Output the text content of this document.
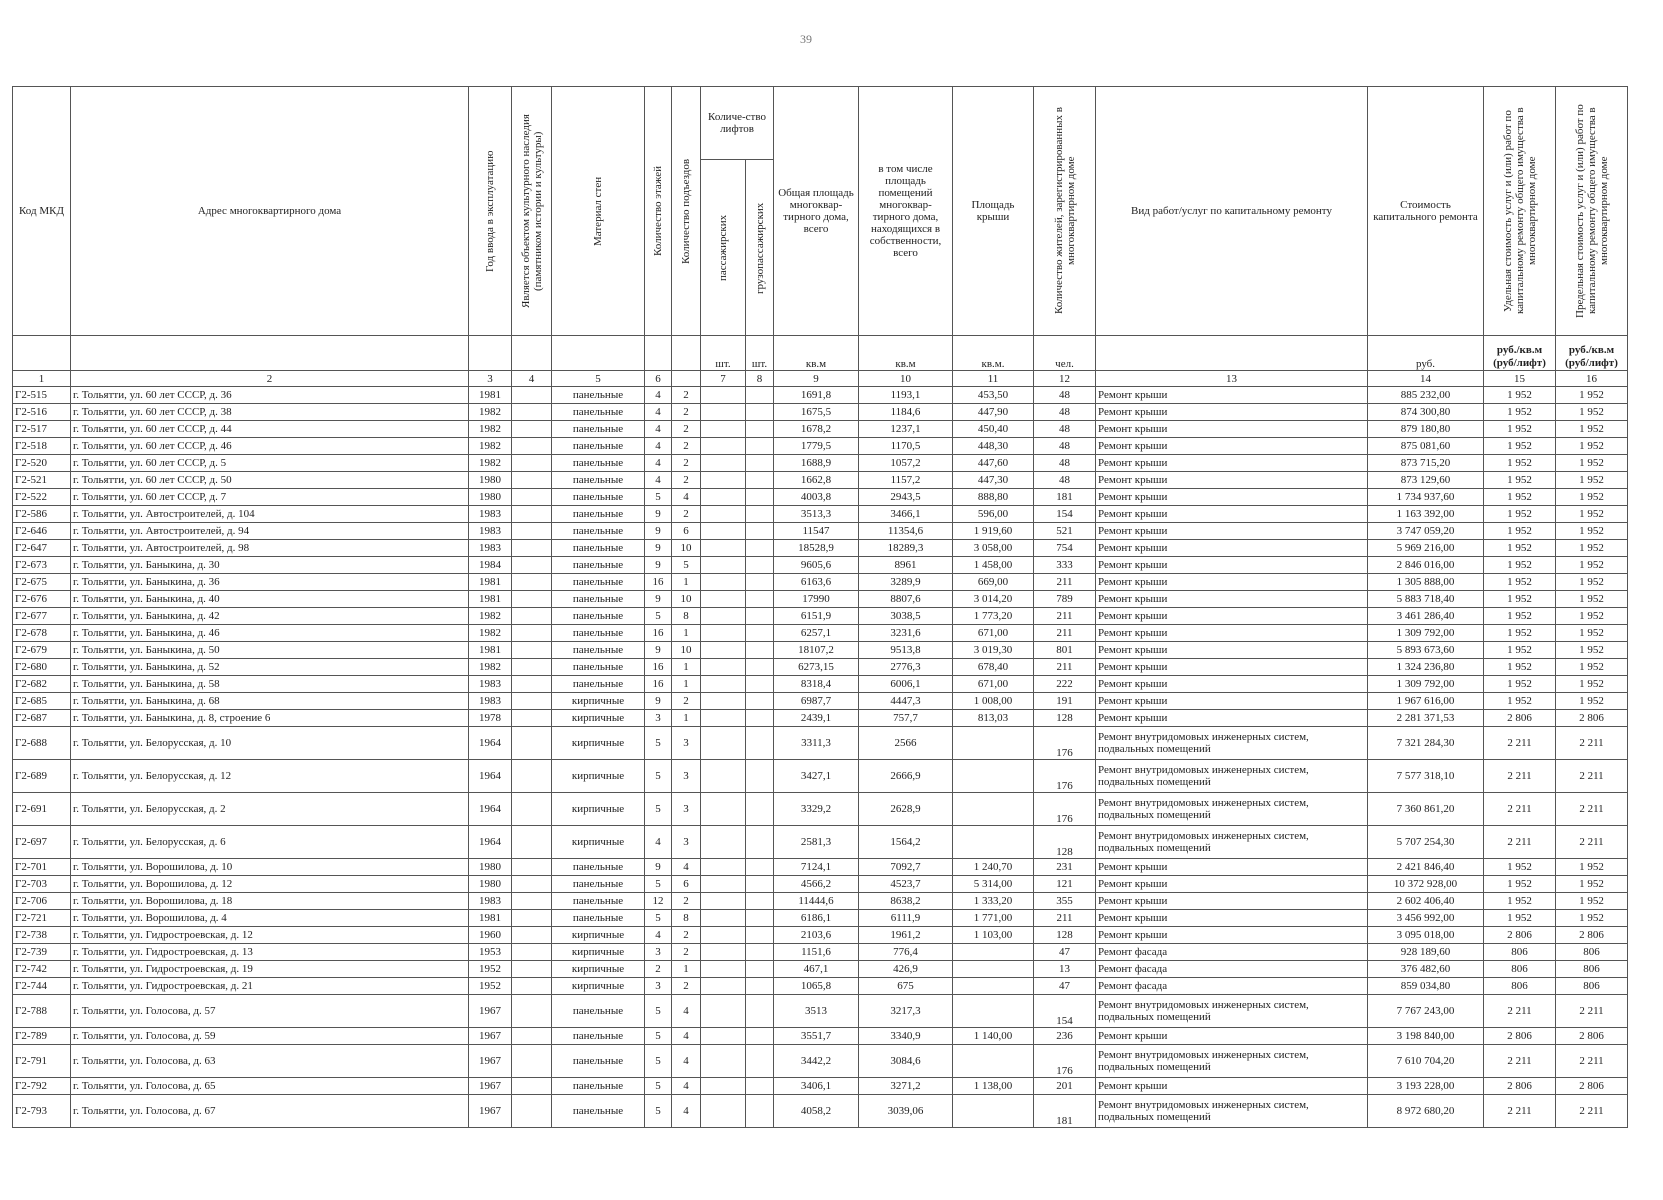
39
Код МКД	Адрес многоквартирного дома	Год ввода в эксплуатацию	Является объектом культурного наследия (памятником истории и культуры)	Материал стен	Количество этажей	Количество подъездов	Количе-ство лифтов		Общая площадь многоквар-тирного дома, всего	в том числе площадь помещений многоквар-тирного дома, находящихся в собственности, всего	Площадь крыши	Количество жителей, зарегистрированных в многоквартирном доме	Вид работ/услуг по капитальному ремонту	Стоимость капитального ремонта	Удельная стоимость услуг и (или) работ по капитальному ремонту общего имущества в многоквартирном доме	Предельная стоимость услуг и (или) работ по капитальному ремонту общего имущества в многоквартирном доме

							пассажирских	грузопассажирских								

							шт.	шт.	кв.м	кв.м	кв.м.	чел.		руб.	руб./кв.м (руб/лифт)	руб./кв.м (руб/лифт)
1	2	3	4	5	6		7	8	9	10	11	12	13	14	15	16
Г2-515	г. Тольятти, ул. 60 лет СССР, д. 36	1981		панельные	4	2			1691,8	1193,1	453,50	48	Ремонт крыши	885 232,00	1 952	1 952
Г2-516	г. Тольятти, ул. 60 лет СССР, д. 38	1982		панельные	4	2			1675,5	1184,6	447,90	48	Ремонт крыши	874 300,80	1 952	1 952
Г2-517	г. Тольятти, ул. 60 лет СССР, д. 44	1982		панельные	4	2			1678,2	1237,1	450,40	48	Ремонт крыши	879 180,80	1 952	1 952
Г2-518	г. Тольятти, ул. 60 лет СССР, д. 46	1982		панельные	4	2			1779,5	1170,5	448,30	48	Ремонт крыши	875 081,60	1 952	1 952
Г2-520	г. Тольятти, ул. 60 лет СССР, д. 5	1982		панельные	4	2			1688,9	1057,2	447,60	48	Ремонт крыши	873 715,20	1 952	1 952
Г2-521	г. Тольятти, ул. 60 лет СССР, д. 50	1980		панельные	4	2			1662,8	1157,2	447,30	48	Ремонт крыши	873 129,60	1 952	1 952
Г2-522	г. Тольятти, ул. 60 лет СССР, д. 7	1980		панельные	5	4			4003,8	2943,5	888,80	181	Ремонт крыши	1 734 937,60	1 952	1 952
Г2-586	г. Тольятти, ул. Автостроителей, д. 104	1983		панельные	9	2			3513,3	3466,1	596,00	154	Ремонт крыши	1 163 392,00	1 952	1 952
Г2-646	г. Тольятти, ул. Автостроителей, д. 94	1983		панельные	9	6			11547	11354,6	1 919,60	521	Ремонт крыши	3 747 059,20	1 952	1 952
Г2-647	г. Тольятти, ул. Автостроителей, д. 98	1983		панельные	9	10			18528,9	18289,3	3 058,00	754	Ремонт крыши	5 969 216,00	1 952	1 952
Г2-673	г. Тольятти, ул. Баныкина, д. 30	1984		панельные	9	5			9605,6	8961	1 458,00	333	Ремонт крыши	2 846 016,00	1 952	1 952
Г2-675	г. Тольятти, ул. Баныкина, д. 36	1981		панельные	16	1			6163,6	3289,9	669,00	211	Ремонт крыши	1 305 888,00	1 952	1 952
Г2-676	г. Тольятти, ул. Баныкина, д. 40	1981		панельные	9	10			17990	8807,6	3 014,20	789	Ремонт крыши	5 883 718,40	1 952	1 952
Г2-677	г. Тольятти, ул. Баныкина, д. 42	1982		панельные	5	8			6151,9	3038,5	1 773,20	211	Ремонт крыши	3 461 286,40	1 952	1 952
Г2-678	г. Тольятти, ул. Баныкина, д. 46	1982		панельные	16	1			6257,1	3231,6	671,00	211	Ремонт крыши	1 309 792,00	1 952	1 952
Г2-679	г. Тольятти, ул. Баныкина, д. 50	1981		панельные	9	10			18107,2	9513,8	3 019,30	801	Ремонт крыши	5 893 673,60	1 952	1 952
Г2-680	г. Тольятти, ул. Баныкина, д. 52	1982		панельные	16	1			6273,15	2776,3	678,40	211	Ремонт крыши	1 324 236,80	1 952	1 952
Г2-682	г. Тольятти, ул. Баныкина, д. 58	1983		панельные	16	1			8318,4	6006,1	671,00	222	Ремонт крыши	1 309 792,00	1 952	1 952
Г2-685	г. Тольятти, ул. Баныкина, д. 68	1983		кирпичные	9	2			6987,7	4447,3	1 008,00	191	Ремонт крыши	1 967 616,00	1 952	1 952
Г2-687	г. Тольятти, ул. Баныкина, д. 8, строение 6	1978		кирпичные	3	1			2439,1	757,7	813,03	128	Ремонт крыши	2 281 371,53	2 806	2 806
Г2-688	г. Тольятти, ул. Белорусская, д. 10	1964		кирпичные	5	3			3311,3	2566		176	Ремонт внутридомовых инженерных систем, подвальных помещений	7 321 284,30	2 211	2 211
Г2-689	г. Тольятти, ул. Белорусская, д. 12	1964		кирпичные	5	3			3427,1	2666,9		176	Ремонт внутридомовых инженерных систем, подвальных помещений	7 577 318,10	2 211	2 211
Г2-691	г. Тольятти, ул. Белорусская, д. 2	1964		кирпичные	5	3			3329,2	2628,9		176	Ремонт внутридомовых инженерных систем, подвальных помещений	7 360 861,20	2 211	2 211
Г2-697	г. Тольятти, ул. Белорусская, д. 6	1964		кирпичные	4	3			2581,3	1564,2		128	Ремонт внутридомовых инженерных систем, подвальных помещений	5 707 254,30	2 211	2 211
Г2-701	г. Тольятти, ул. Ворошилова, д. 10	1980		панельные	9	4			7124,1	7092,7	1 240,70	231	Ремонт крыши	2 421 846,40	1 952	1 952
Г2-703	г. Тольятти, ул. Ворошилова, д. 12	1980		панельные	5	6			4566,2	4523,7	5 314,00	121	Ремонт крыши	10 372 928,00	1 952	1 952
Г2-706	г. Тольятти, ул. Ворошилова, д. 18	1983		панельные	12	2			11444,6	8638,2	1 333,20	355	Ремонт крыши	2 602 406,40	1 952	1 952
Г2-721	г. Тольятти, ул. Ворошилова, д. 4	1981		панельные	5	8			6186,1	6111,9	1 771,00	211	Ремонт крыши	3 456 992,00	1 952	1 952
Г2-738	г. Тольятти, ул. Гидростроевская, д. 12	1960		кирпичные	4	2			2103,6	1961,2	1 103,00	128	Ремонт крыши	3 095 018,00	2 806	2 806
Г2-739	г. Тольятти, ул. Гидростроевская, д. 13	1953		кирпичные	3	2			1151,6	776,4		47	Ремонт фасада	928 189,60	806	806
Г2-742	г. Тольятти, ул. Гидростроевская, д. 19	1952		кирпичные	2	1			467,1	426,9		13	Ремонт фасада	376 482,60	806	806
Г2-744	г. Тольятти, ул. Гидростроевская, д. 21	1952		кирпичные	3	2			1065,8	675		47	Ремонт фасада	859 034,80	806	806
Г2-788	г. Тольятти, ул. Голосова, д. 57	1967		панельные	5	4			3513	3217,3		154	Ремонт внутридомовых инженерных систем, подвальных помещений	7 767 243,00	2 211	2 211
Г2-789	г. Тольятти, ул. Голосова, д. 59	1967		панельные	5	4			3551,7	3340,9	1 140,00	236	Ремонт крыши	3 198 840,00	2 806	2 806
Г2-791	г. Тольятти, ул. Голосова, д. 63	1967		панельные	5	4			3442,2	3084,6		176	Ремонт внутридомовых инженерных систем, подвальных помещений	7 610 704,20	2 211	2 211
Г2-792	г. Тольятти, ул. Голосова, д. 65	1967		панельные	5	4			3406,1	3271,2	1 138,00	201	Ремонт крыши	3 193 228,00	2 806	2 806
Г2-793	г. Тольятти, ул. Голосова, д. 67	1967		панельные	5	4			4058,2	3039,06		181	Ремонт внутридомовых инженерных систем, подвальных помещений	8 972 680,20	2 211	2 211
